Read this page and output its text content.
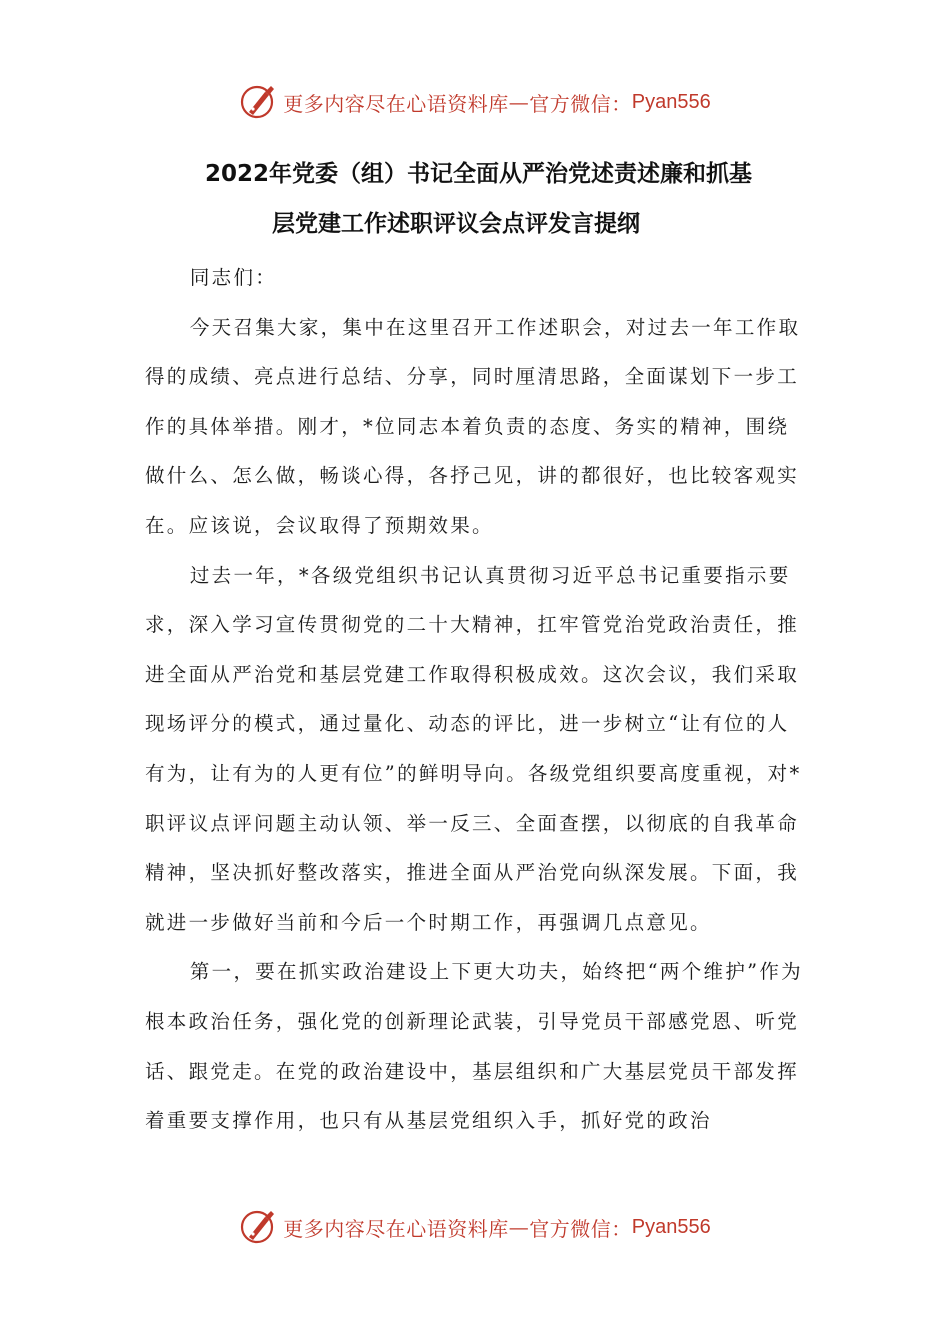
更多内容尽在心语资料库 — 官方微信： Pyan556
2022年党委（组）书记全面从严治党述责述廉和抓基
层党建工作述职评议会点评发言提纲

同志们：

今天召集大家，集中在这里召开工作述职会，对过去一年工作取得的成绩、亮点进行总结、分享，同时厘清思路，全面谋划下一步工作的具体举措。刚才，*位同志本着负责的态度、务实的精神，围绕做什么、怎么做，畅谈心得，各抒己见，讲的都很好，也比较客观实在。应该说，会议取得了预期效果。

过去一年，*各级党组织书记认真贯彻习近平总书记重要指示要求，深入学习宣传贯彻党的二十大精神，扛牢管党治党政治责任，推进全面从严治党和基层党建工作取得积极成效。这次会议，我们采取现场评分的模式，通过量化、动态的评比，进一步树立“让有位的人有为，让有为的人更有位”的鲜明导向。各级党组织要高度重视，对*职评议点评问题主动认领、举一反三、全面查摆，以彻底的自我革命精神，坚决抓好整改落实，推进全面从严治党向纵深发展。下面，我就进一步做好当前和今后一个时期工作，再强调几点意见。

第一，要在抓实政治建设上下更大功夫，始终把“两个维护”作为根本政治任务，强化党的创新理论武装，引导党员干部感党恩、听党话、跟党走。在党的政治建设中，基层组织和广大基层党员干部发挥着重要支撑作用，也只有从基层党组织入手，抓好党的政治

更多内容尽在心语资料库 — 官方微信： Pyan556
